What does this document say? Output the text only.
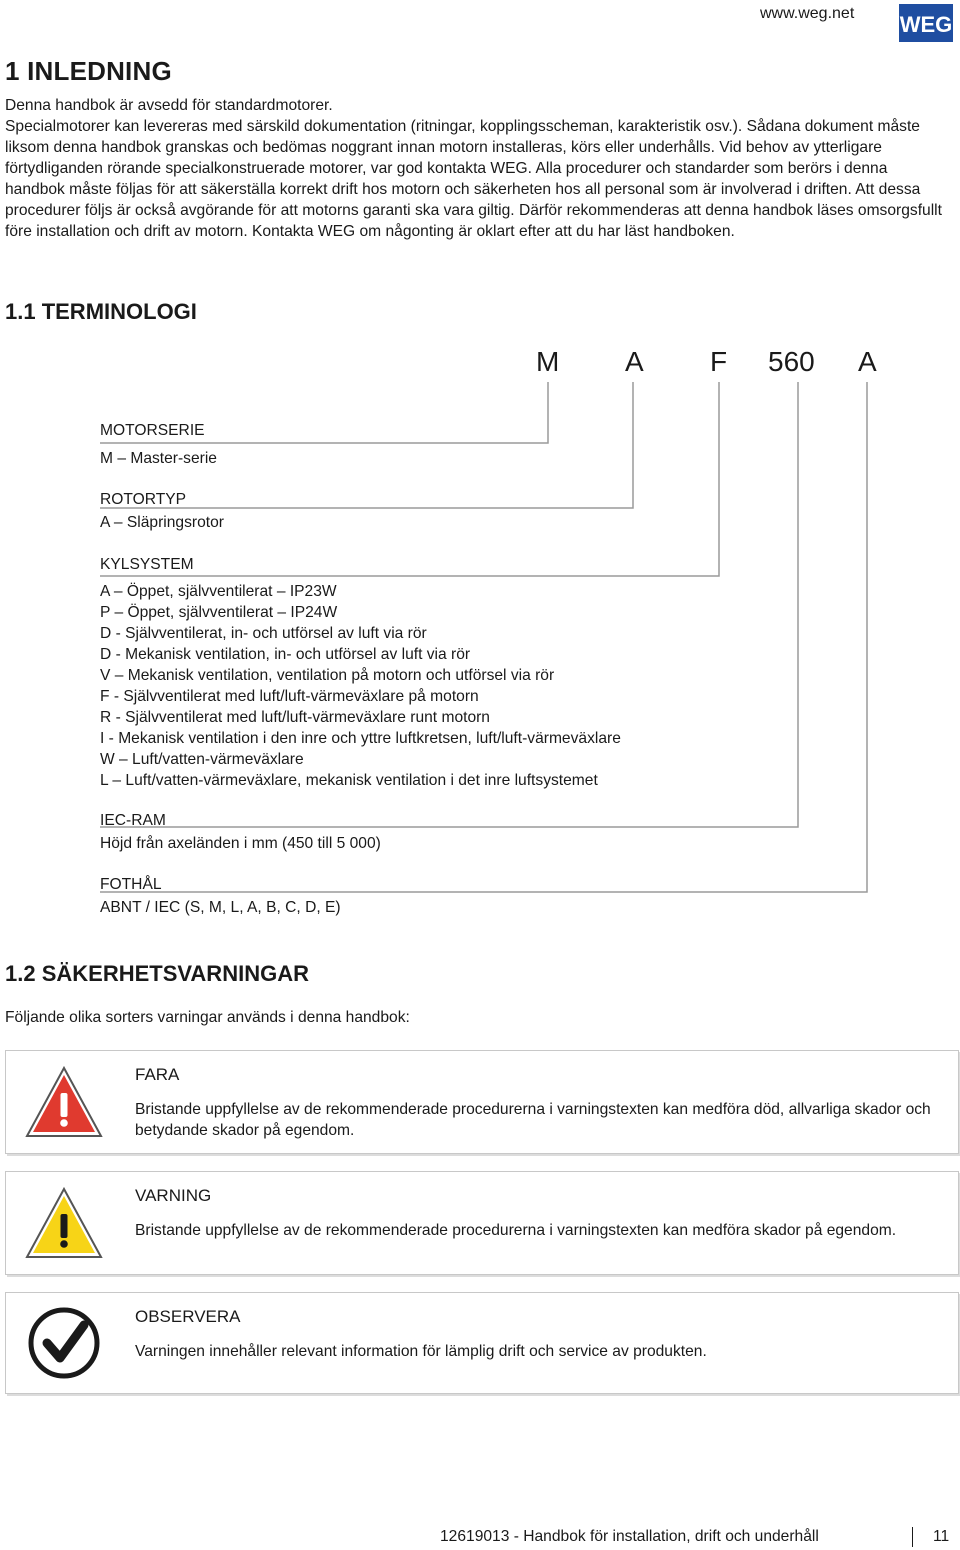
www.weg.net WEG
1 INLEDNING

Denna handbok är avsedd för standardmotorer.

Specialmotorer kan levereras med särskild dokumentation (ritningar, kopplingsscheman, karakteristik osv.). Sådana dokument måste liksom denna handbok granskas och bedömas noggrant innan motorn installeras, körs eller underhålls. Vid behov av ytterligare förtydliganden rörande specialkonstruerade motorer, var god kontakta WEG. Alla procedurer och standarder som berörs i denna handbok måste följas för att säkerställa korrekt drift hos motorn och säkerheten hos all personal som är involverad i driften. Att dessa procedurer följs är också avgörande för att motorns garanti ska vara giltig. Därför rekommenderas att denna handbok läses omsorgsfullt före installation och drift av motorn. Kontakta WEG om någonting är oklart efter att du har läst handboken.

1.1 TERMINOLOGI
M A F 560 A
MOTORSERIE
M – Master-serie
ROTORTYP
A – Släpringsrotor
KYLSYSTEM
A – Öppet, självventilerat – IP23W
P – Öppet, självventilerat – IP24W
D - Självventilerat, in- och utförsel av luft via rör
D - Mekanisk ventilation, in- och utförsel av luft via rör
V – Mekanisk ventilation, ventilation på motorn och utförsel via rör
F - Självventilerat med luft/luft-värmeväxlare på motorn
R - Självventilerat med luft/luft-värmeväxlare runt motorn
I - Mekanisk ventilation i den inre och yttre luftkretsen, luft/luft-värmeväxlare
W – Luft/vatten-värmeväxlare
L – Luft/vatten-värmeväxlare, mekanisk ventilation i det inre luftsystemet
IEC-RAM
Höjd från axeländen i mm (450 till 5 000)
FOTHÅL
ABNT / IEC (S, M, L, A, B, C, D, E)
1.2 SÄKERHETSVARNINGAR
Följande olika sorters varningar används i denna handbok:
FARA
Bristande uppfyllelse av de rekommenderade procedurerna i varningstexten kan medföra död, allvarliga skador och betydande skador på egendom.
VARNING
Bristande uppfyllelse av de rekommenderade procedurerna i varningstexten kan medföra skador på egendom.
OBSERVERA
Varningen innehåller relevant information för lämplig drift och service av produkten.
12619013 - Handbok för installation, drift och underhåll	11
